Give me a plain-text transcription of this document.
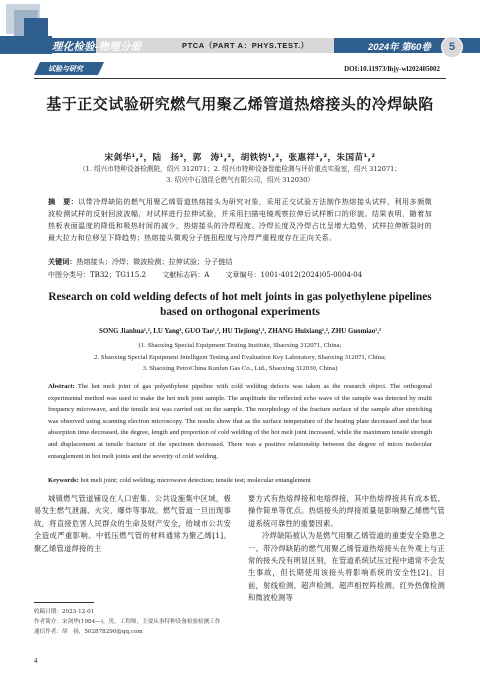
理化检验-物理分册	PTCA（PART A：PHYS.TEST.）	2024年 第60卷	5
试验与研究	DOI:10.11973/lhjy-wl202405002
基于正交试验研究燃气用聚乙烯管道热熔接头的冷焊缺陷
宋剑华¹,²，陆　扬³，郭　涛¹,²，胡铁钧¹,²，张惠祥¹,²，朱国苗¹,²
（1. 绍兴市特种设备检测院，绍兴 312071；2. 绍兴市特种设备智能检测与评价重点实验室，绍兴 312071；
3. 绍兴中石油昆仑燃气有限公司，绍兴 312030）
摘　要：以带冷焊缺陷的燃气用聚乙烯管道热熔接头为研究对象，采用正交试验方法制作热熔接头试样，利用多频微波检测试样的反射回波波幅，对试样进行拉伸试验，并采用扫描电镜观察拉伸后试样断口的形貌。结果表明，随着加热板表面温度的降低和吸热时间的减少，热熔接头的冷焊程度、冷焊长度及冷焊占比呈增大趋势，试样拉伸断裂时的最大拉力和位移呈下降趋势；热熔接头微观分子链扭程度与冷焊严重程度存在正向关系。
关键词：热熔接头；冷焊；微波检测；拉伸试验；分子链结
中图分类号：TB32；TG115.2 文献标志码：A 文章编号：1001-4012(2024)05-0004-04
Research on cold welding defects of hot melt joints in gas polyethylene pipelines based on orthogonal experiments
SONG Jianhua¹,², LU Yang³, GUO Tao¹,², HU Tiejiong¹,², ZHANG Huixiang¹,², ZHU Guomiao¹,²
(1. Shaoxing Special Equipment Testing Institute, Shaoxing 312071, China;
2. Shaoxing Special Equipment Intelligent Testing and Evaluation Key Laboratory, Shaoxing 312071, China;
3. Shaoxing PetroChina Kunlun Gas Co., Ltd., Shaoxing 312030, China)
Abstract: The hot melt joint of gas polyethylene pipeline with cold welding defects was taken as the research object. The orthogonal experimental method was used to make the hot melt joint sample. The amplitude the reflected echo wave of the sample was detected by multi frequency microwave, and the tensile test was carried out on the sample. The morphology of the fracture surface of the sample after stretching was observed using scanning electron microscopy. The results show that as the surface temperature of the heating plate decreased and the heat absorption time decreased, the degree, length and proportion of cold welding of the hot melt joint increased, while the maximum tensile strength and displacement at tensile fracture of the specimen decreased. There was a positive relationship between the degree of micro molecular entanglement in hot melt joints and the severity of cold welding.
Keywords: hot melt joint; cold welding; microwave detection; tensile test; molecular entanglement

城镇燃气管道铺设在人口密集、公共设施集中区域，极易发生燃气泄漏、火灾、爆炸等事故。燃气管道一旦出现事故，将直接危害人民群众的生命及财产安全，给城市公共安全造成严重影响。中低压燃气管的材料通常为聚乙烯[1]。聚乙烯管道焊接的主

要方式有热熔焊接和电熔焊接，其中热熔焊接具有成本低、操作简单等优点。热熔接头的焊接质量是影响聚乙烯燃气管道系统可靠性的重要因素。

冷焊缺陷被认为是燃气用聚乙烯管道的重要安全隐患之一。带冷焊缺陷的燃气用聚乙烯管道热熔接头在外观上与正常的接头没有明显区别，在管道系统试压过程中通常不会发生事故，但长期使用该接头将影响系统的安全性[2]。目前，射线检测、超声检测、超声相控阵检测、红外热像检测和微波检测等

收稿日期：2023-12-01
作者简介：宋剑华(1984—)，男，工程师，主要从事特种设备检验检测工作
通信作者：胡　扬，502878290@qq.com
4
